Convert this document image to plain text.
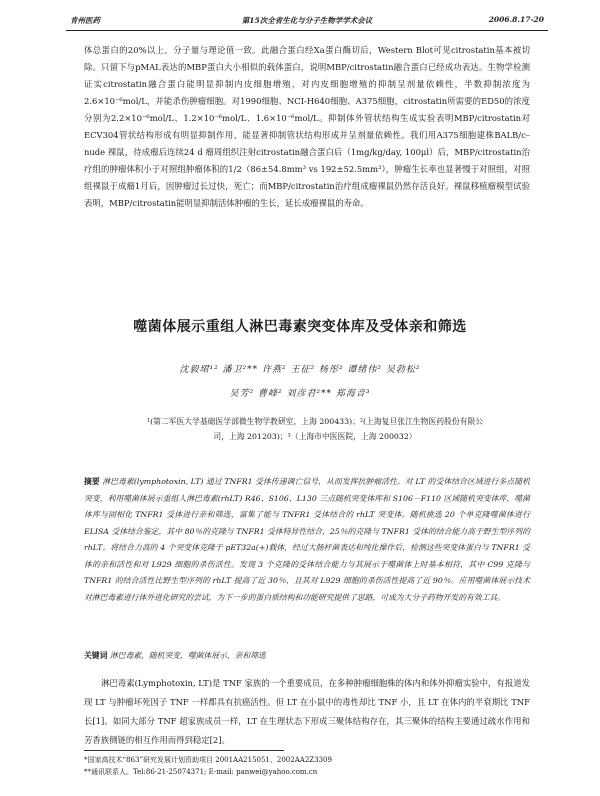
肯州医药	第15次全省生化与分子生物学学术会议	2006.8.17-20
体总蛋白的20%以上，分子量与理论值一致。此融合蛋白经Xa蛋白酶切后，Western Blot可见citrostatin基本被切除。只留下与pMAL表达的MBP蛋白大小相似的载体蛋白，说明MBP/citrostatin融合蛋白已经成功表达。生物学检测证实citrostatin融合蛋白能明显抑制内皮细胞增殖，对内皮细胞增殖的抑制呈剂量依赖性，半数抑制浓度为2.6×10⁻⁶mol/L，并能杀伤肿瘤细胞。对1990细胞、NCI-H640细胞、A375细胞，citrostatin所需要的ED50的浓度分别为2.2×10⁻⁶mol/L、1.2×10⁻⁶mol/L、1.6×10⁻⁶mol/L。抑制体外管状结构生成实验表明MBP/citrostatin对ECV304管状结构形成有明显抑制作用，能显著抑制管状结构形成并呈剂量依赖性。我们用A375细胞建株BALB/c–nude 裸鼠，待成瘤后连续24 d 瘤周组织注射citrostatin融合蛋白后（1mg/kg/day, 100μl）后，MBP/citrostatin治疗组的肿瘤体积小于对照组肿瘤体积的1/2（86±54.8mm³ vs 192±52.5mm³），肿瘤生长率也显著慢于对照组，对照组裸鼠于成瘤1月后，因肿瘤过长过快，死亡；而MBP/citrostatin治疗组成瘤裸鼠仍然存活良好。裸鼠移植瘤模型试验表明，MBP/citrostatin能明显抑制活体肿瘤的生长，延长成瘤裸鼠的寿命。
噬菌体展示重组人淋巴毒素突变体库及受体亲和筛选
沈毅珺¹² 潘卫²** 许燕² 王征² 杨彤² 谭绪伟² 吴勃松²
吴芳² 曹峰² 刘彦君²** 郑海音³
¹(第二军医大学基础医学部微生物学教研室，上海 200433)；²(上海复旦张江生物医药股份有限公
司，上海 201203)；³（上海市中医医院，上海 200032）
摘要 淋巴毒素(lymphotoxin, LT) 通过 TNFR1 受体传递调亡信号，从而发挥抗肿瘤活性。对 LT 的受体结合区域进行多点随机突变，利用噬菌体展示重组人淋巴毒素(rhLT) R46、S106、L130 三点随机突变体库和 S106－F110 区域随机突变体库，噬菌体库与固相化 TNFR1 受体进行亲和筛选，富集了能与 TNFR1 受体结合的 rhLT 突变体。随机挑选 20 个单克隆噬菌体进行 ELISA 受体结合鉴定，其中 80％的克隆与 TNFR1 受体特异性结合，25％的克隆与 TNFR1 受体的结合能力高于野生型序列的 rhLT。将结合力高的 4 个突变体克隆于 pET32a(+)载体，经过大肠杆菌表达和纯化操作后，检测这些突变体蛋白与 TNFR1 受体的亲和活性和对 L929 细胞的杀伤活性。发现 3 个克隆的受体结合能力与其展示于噬菌体上时基本相符，其中 C99 克隆与 TNFR1 的结合活性比野生型序列的 rhLT 提高了近 30％，且其对 L929 细胞的杀伤活性提高了近 90％。应用噬菌体展示技术对淋巴毒素进行体外进化研究的尝试，为下一步的蛋白质结构和功能研究提供了思路，可成为大分子药物开发的有效工具。
关键词 淋巴毒素，随机突变，噬菌体展示，亲和筛选
淋巴毒素(Lymphotoxin, LT)是 TNF 家族的一个重要成员，在多种肿瘤细胞株的体内和体外抑瘤实验中，有报道发现 LT 与肿瘤坏死因子 TNF 一样都具有抗癌活性。但 LT 在小鼠中的毒性却比 TNF 小，且 LT 在体内的半衰期比 TNF 长[1]。如同大部分 TNF 超家族成员一样，LT 在生理状态下形成三聚体结构存在，其三聚体的结构主要通过疏水作用和芳香族侧链的相互作用而得到稳定[2]。
*国家高技术“863”研究发展计划资助项目 2001AA215051、2002AA2Z3309
**通讯联系人。Tel:86-21-25074371; E-mail: panwei@yahoo.com.cn
